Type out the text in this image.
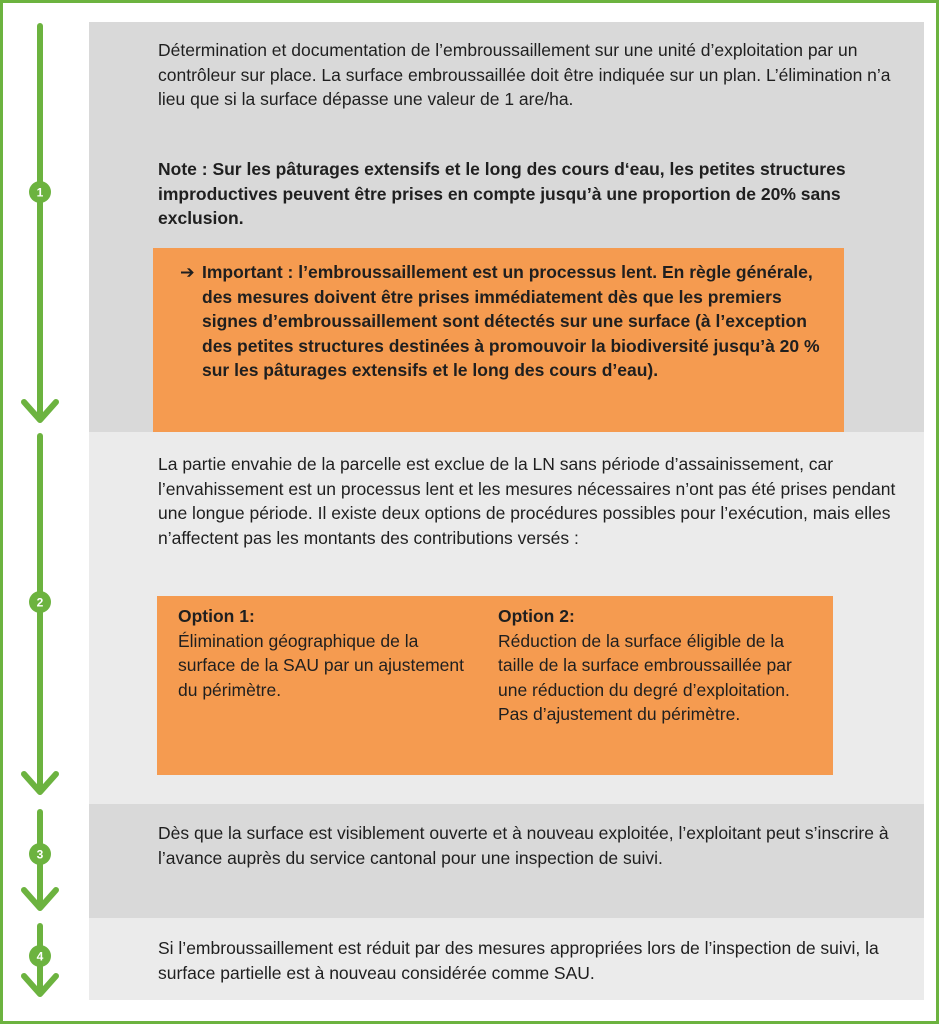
Détermination et documentation de l’embroussaillement sur une unité d’exploitation par un contrôleur sur place. La surface embroussaillée doit être indiquée sur un plan. L’élimination n’a lieu que si la surface dépasse une valeur de 1 are/ha.

Note : Sur les pâturages extensifs et le long des cours d‘eau, les petites structures improductives peuvent être prises en compte jusqu’à une proportion de 20% sans exclusion.

➔ Important : l’embroussaillement est un processus lent. En règle générale, des mesures doivent être prises immédiatement dès que les premiers signes d’embroussaillement sont détectés sur une surface (à l’exception des petites structures destinées à promouvoir la biodiversité jusqu’à 20 % sur les pâturages extensifs et le long des cours d’eau).

La partie envahie de la parcelle est exclue de la LN sans période d’assainissement, car l’envahissement est un processus lent et les mesures nécessaires n’ont pas été prises pendant une longue période. Il existe deux options de procédures possibles pour l’exécution, mais elles n’affectent pas les montants des contributions versés :

Option 1:
Élimination géographique de la surface de la SAU par un ajustement du périmètre.

Option 2:
Réduction de la surface éligible de la taille de la surface embroussaillée par une réduction du degré d’exploitation. Pas d’ajustement du périmètre.

Dès que la surface est visiblement ouverte et à nouveau exploitée, l’exploitant peut s’inscrire à l’avance auprès du service cantonal pour une inspection de suivi.

Si l’embroussaillement est réduit par des mesures appropriées lors de l’inspection de suivi, la surface partielle est à nouveau considérée comme SAU.

1
2
3
4
